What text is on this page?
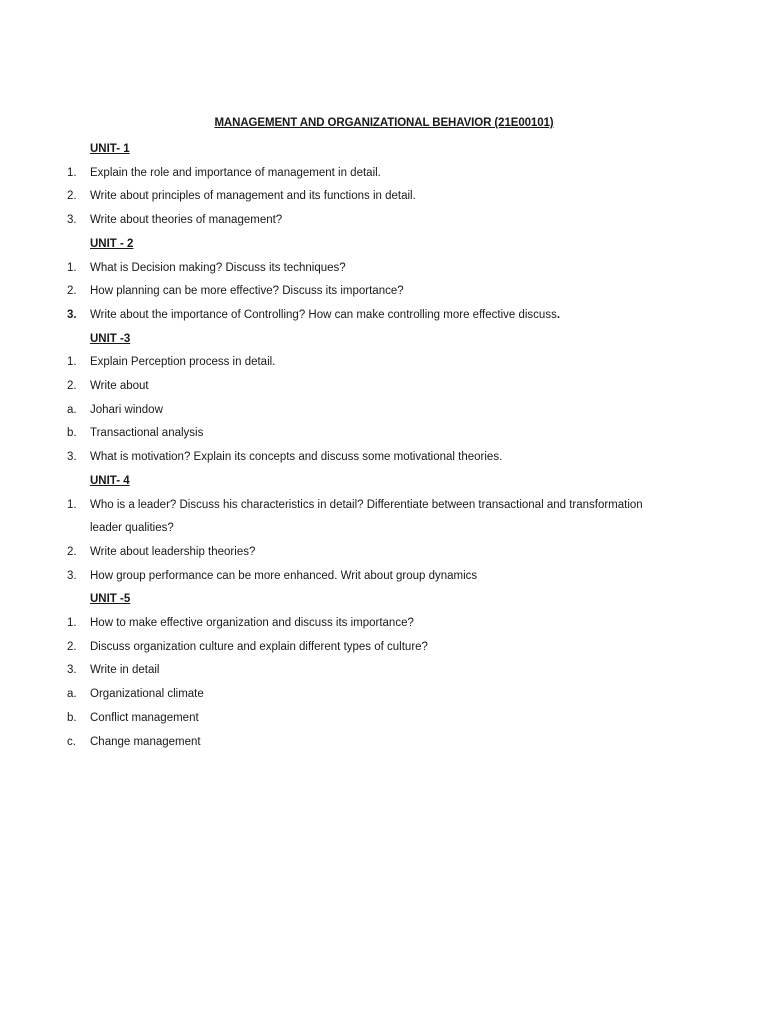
MANAGEMENT AND ORGANIZATIONAL BEHAVIOR (21E00101)
UNIT- 1
1. Explain the role and importance of management in detail.
2. Write about principles of management and its functions in detail.
3. Write about theories of management?
UNIT - 2
1. What is Decision making? Discuss its techniques?
2. How planning can be more effective? Discuss its importance?
3. Write about the importance of Controlling? How can make controlling more effective discuss.
UNIT -3
1. Explain Perception process in detail.
2. Write about
a. Johari window
b. Transactional analysis
3. What is motivation? Explain its concepts and discuss some motivational theories.
UNIT- 4
1. Who is a leader? Discuss his characteristics in detail? Differentiate between transactional and transformation
leader qualities?
2. Write about leadership theories?
3. How group performance can be more enhanced. Writ about group dynamics
UNIT -5
1. How to make effective organization and discuss its importance?
2. Discuss organization culture and explain different types of culture?
3. Write in detail
a. Organizational climate
b. Conflict management
c. Change management
